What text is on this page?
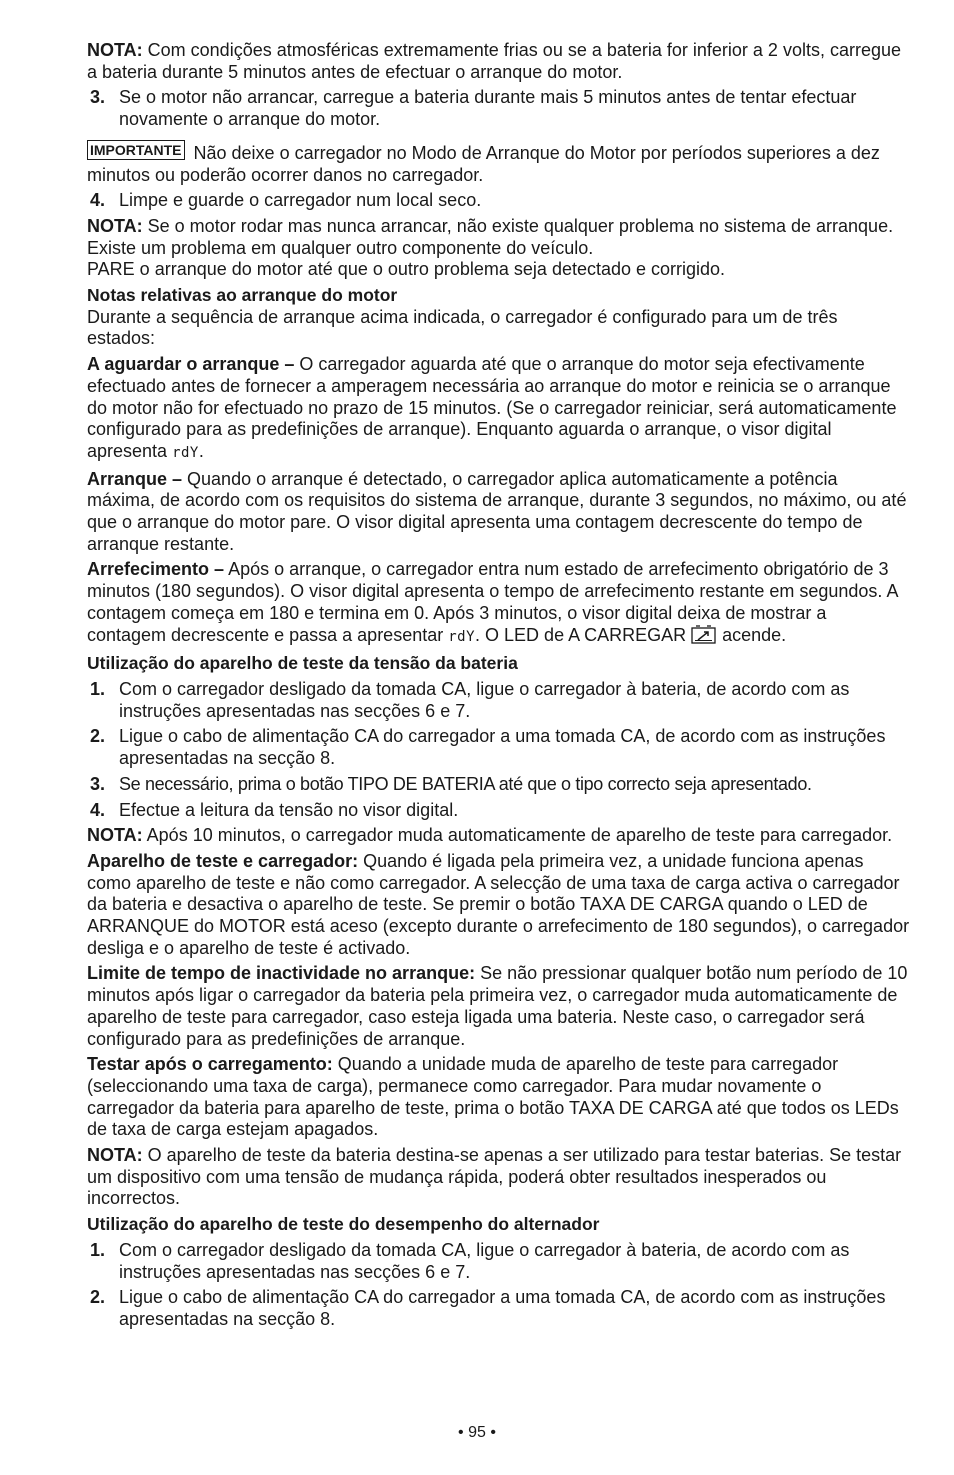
NOTA: Com condições atmosféricas extremamente frias ou se a bateria for inferior a 2 volts, carregue a bateria durante 5 minutos antes de efectuar o arranque do motor.

3. Se o motor não arrancar, carregue a bateria durante mais 5 minutos antes de tentar efectuar novamente o arranque do motor.

IMPORTANTE Não deixe o carregador no Modo de Arranque do Motor por períodos superiores a dez minutos ou poderão ocorrer danos no carregador.

4. Limpe e guarde o carregador num local seco.

NOTA: Se o motor rodar mas nunca arrancar, não existe qualquer problema no sistema de arranque. Existe um problema em qualquer outro componente do veículo.
PARE o arranque do motor até que o outro problema seja detectado e corrigido.

Notas relativas ao arranque do motor

Durante a sequência de arranque acima indicada, o carregador é configurado para um de três estados:

A aguardar o arranque – O carregador aguarda até que o arranque do motor seja efectivamente efectuado antes de fornecer a amperagem necessária ao arranque do motor e reinicia se o arranque do motor não for efectuado no prazo de 15 minutos. (Se o carregador reiniciar, será automaticamente configurado para as predefinições de arranque). Enquanto aguarda o arranque, o visor digital apresenta rdY.

Arranque – Quando o arranque é detectado, o carregador aplica automaticamente a potência máxima, de acordo com os requisitos do sistema de arranque, durante 3 segundos, no máximo, ou até que o arranque do motor pare. O visor digital apresenta uma contagem decrescente do tempo de arranque restante.

Arrefecimento – Após o arranque, o carregador entra num estado de arrefecimento obrigatório de 3 minutos (180 segundos). O visor digital apresenta o tempo de arrefecimento restante em segundos. A contagem começa em 180 e termina em 0. Após 3 minutos, o visor digital deixa de mostrar a contagem decrescente e passa a apresentar rdY. O LED de A CARREGAR  acende.

Utilização do aparelho de teste da tensão da bateria

1. Com o carregador desligado da tomada CA, ligue o carregador à bateria, de acordo com as instruções apresentadas nas secções 6 e 7.
2. Ligue o cabo de alimentação CA do carregador a uma tomada CA, de acordo com as instruções apresentadas na secção 8.
3. Se necessário, prima o botão TIPO DE BATERIA até que o tipo correcto seja apresentado.
4. Efectue a leitura da tensão no visor digital.

NOTA: Após 10 minutos, o carregador muda automaticamente de aparelho de teste para carregador.

Aparelho de teste e carregador: Quando é ligada pela primeira vez, a unidade funciona apenas como aparelho de teste e não como carregador. A selecção de uma taxa de carga activa o carregador da bateria e desactiva o aparelho de teste. Se premir o botão TAXA DE CARGA quando o LED de ARRANQUE do MOTOR está aceso (excepto durante o arrefecimento de 180 segundos), o carregador desliga e o aparelho de teste é activado.

Limite de tempo de inactividade no arranque: Se não pressionar qualquer botão num período de 10 minutos após ligar o carregador da bateria pela primeira vez, o carregador muda automaticamente de aparelho de teste para carregador, caso esteja ligada uma bateria. Neste caso, o carregador será configurado para as predefinições de arranque.

Testar após o carregamento: Quando a unidade muda de aparelho de teste para carregador (seleccionando uma taxa de carga), permanece como carregador. Para mudar novamente o carregador da bateria para aparelho de teste, prima o botão TAXA DE CARGA até que todos os LEDs de taxa de carga estejam apagados.

NOTA: O aparelho de teste da bateria destina-se apenas a ser utilizado para testar baterias. Se testar um dispositivo com uma tensão de mudança rápida, poderá obter resultados inesperados ou incorrectos.

Utilização do aparelho de teste do desempenho do alternador

1. Com o carregador desligado da tomada CA, ligue o carregador à bateria, de acordo com as instruções apresentadas nas secções 6 e 7.
2. Ligue o cabo de alimentação CA do carregador a uma tomada CA, de acordo com as instruções apresentadas na secção 8.
• 95 •
